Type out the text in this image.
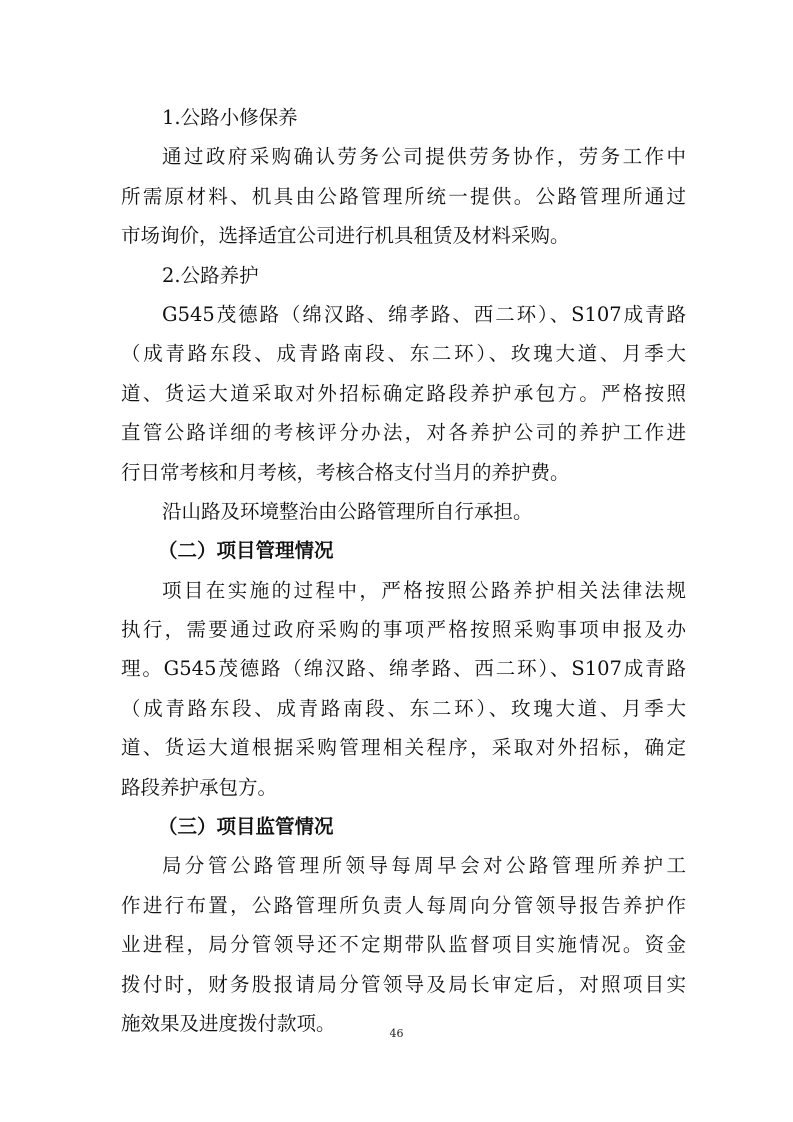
1.公路小修保养
通过政府采购确认劳务公司提供劳务协作，劳务工作中
所需原材料、机具由公路管理所统一提供。公路管理所通过
市场询价，选择适宜公司进行机具租赁及材料采购。
2.公路养护
G545茂德路（绵汉路、绵孝路、西二环）、S107成青路
（成青路东段、成青路南段、东二环）、玫瑰大道、月季大
道、货运大道采取对外招标确定路段养护承包方。严格按照
直管公路详细的考核评分办法，对各养护公司的养护工作进
行日常考核和月考核，考核合格支付当月的养护费。
沿山路及环境整治由公路管理所自行承担。
（二）项目管理情况
项目在实施的过程中，严格按照公路养护相关法律法规
执行，需要通过政府采购的事项严格按照采购事项申报及办
理。G545茂德路（绵汉路、绵孝路、西二环）、S107成青路
（成青路东段、成青路南段、东二环）、玫瑰大道、月季大
道、货运大道根据采购管理相关程序，采取对外招标，确定
路段养护承包方。
（三）项目监管情况
局分管公路管理所领导每周早会对公路管理所养护工
作进行布置，公路管理所负责人每周向分管领导报告养护作
业进程，局分管领导还不定期带队监督项目实施情况。资金
拨付时，财务股报请局分管领导及局长审定后，对照项目实
施效果及进度拨付款项。	46
